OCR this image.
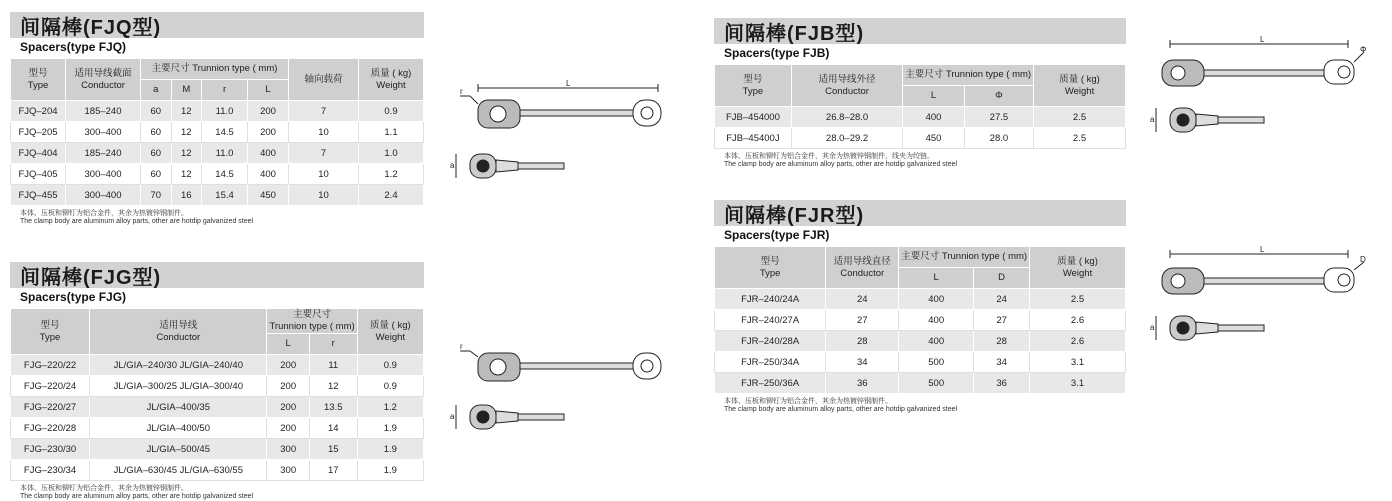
间隔棒(FJQ型)
Spacers(type FJQ)
型号
Type	适用导线截面
Conductor	主要尺寸 Trunnion type ( mm)				轴向载荷	质量 ( kg)
Weight

		a	M	r	L		
FJQ–204	185–240	60	12	11.0	200	7	0.9
FJQ–205	300–400	60	12	14.5	200	10	1.1
FJQ–404	185–240	60	12	11.0	400	7	1.0
FJQ–405	300–400	60	12	14.5	400	10	1.2
FJQ–455	300–400	70	16	15.4	450	10	2.4
本体、压板和铆钉为铝合金件，其余为热镀锌钢制件。
The clamp body are aluminum alloy parts, other are hotdip galvanized steel
间隔棒(FJG型)
Spacers(type FJG)
型号
Type	适用导线
Conductor	主要尺寸
Trunnion type ( mm)		质量 ( kg)
Weight

		L	r	
FJG–220/22	JL/GIA–240/30 JL/GIA–240/40	200	11	0.9
FJG–220/24	JL/GIA–300/25 JL/GIA–300/40	200	12	0.9
FJG–220/27	JL/GIA–400/35	200	13.5	1.2
FJG–220/28	JL/GIA–400/50	200	14	1.9
FJG–230/30	JL/GIA–500/45	300	15	1.9
FJG–230/34	JL/GIA–630/45 JL/GIA–630/55	300	17	1.9
本体、压板和铆钉为铝合金件，其余为热镀锌钢制件。
The clamp body are aluminum alloy parts, other are hotdip galvanized steel
间隔棒(FJB型)
Spacers(type FJB)
型号
Type	适用导线外径
Conductor	主要尺寸 Trunnion type ( mm)		质量 ( kg)
Weight

		L	Φ	
FJB–454000	26.8–28.0	400	27.5	2.5
FJB–45400J	28.0–29.2	450	28.0	2.5
本体、压板和铆钉为铝合金件，其余为热镀锌钢制件，线夹为绞链。
The clamp body are aluminum alloy parts, other are hotdip galvanized steel
间隔棒(FJR型)
Spacers(type FJR)
型号
Type	适用导线直径
Conductor	主要尺寸 Trunnion type ( mm)		质量 ( kg)
Weight

		L	D	
FJR–240/24A	24	400	24	2.5
FJR–240/27A	27	400	27	2.6
FJR–240/28A	28	400	28	2.6
FJR–250/34A	34	500	34	3.1
FJR–250/36A	36	500	36	3.1
本体、压板和铆钉为铝合金件，其余为热镀锌钢制件。
The clamp body are aluminum alloy parts, other are hotdip galvanized steel
L
r
a
r
a
L
Φ
a
L
D
a
